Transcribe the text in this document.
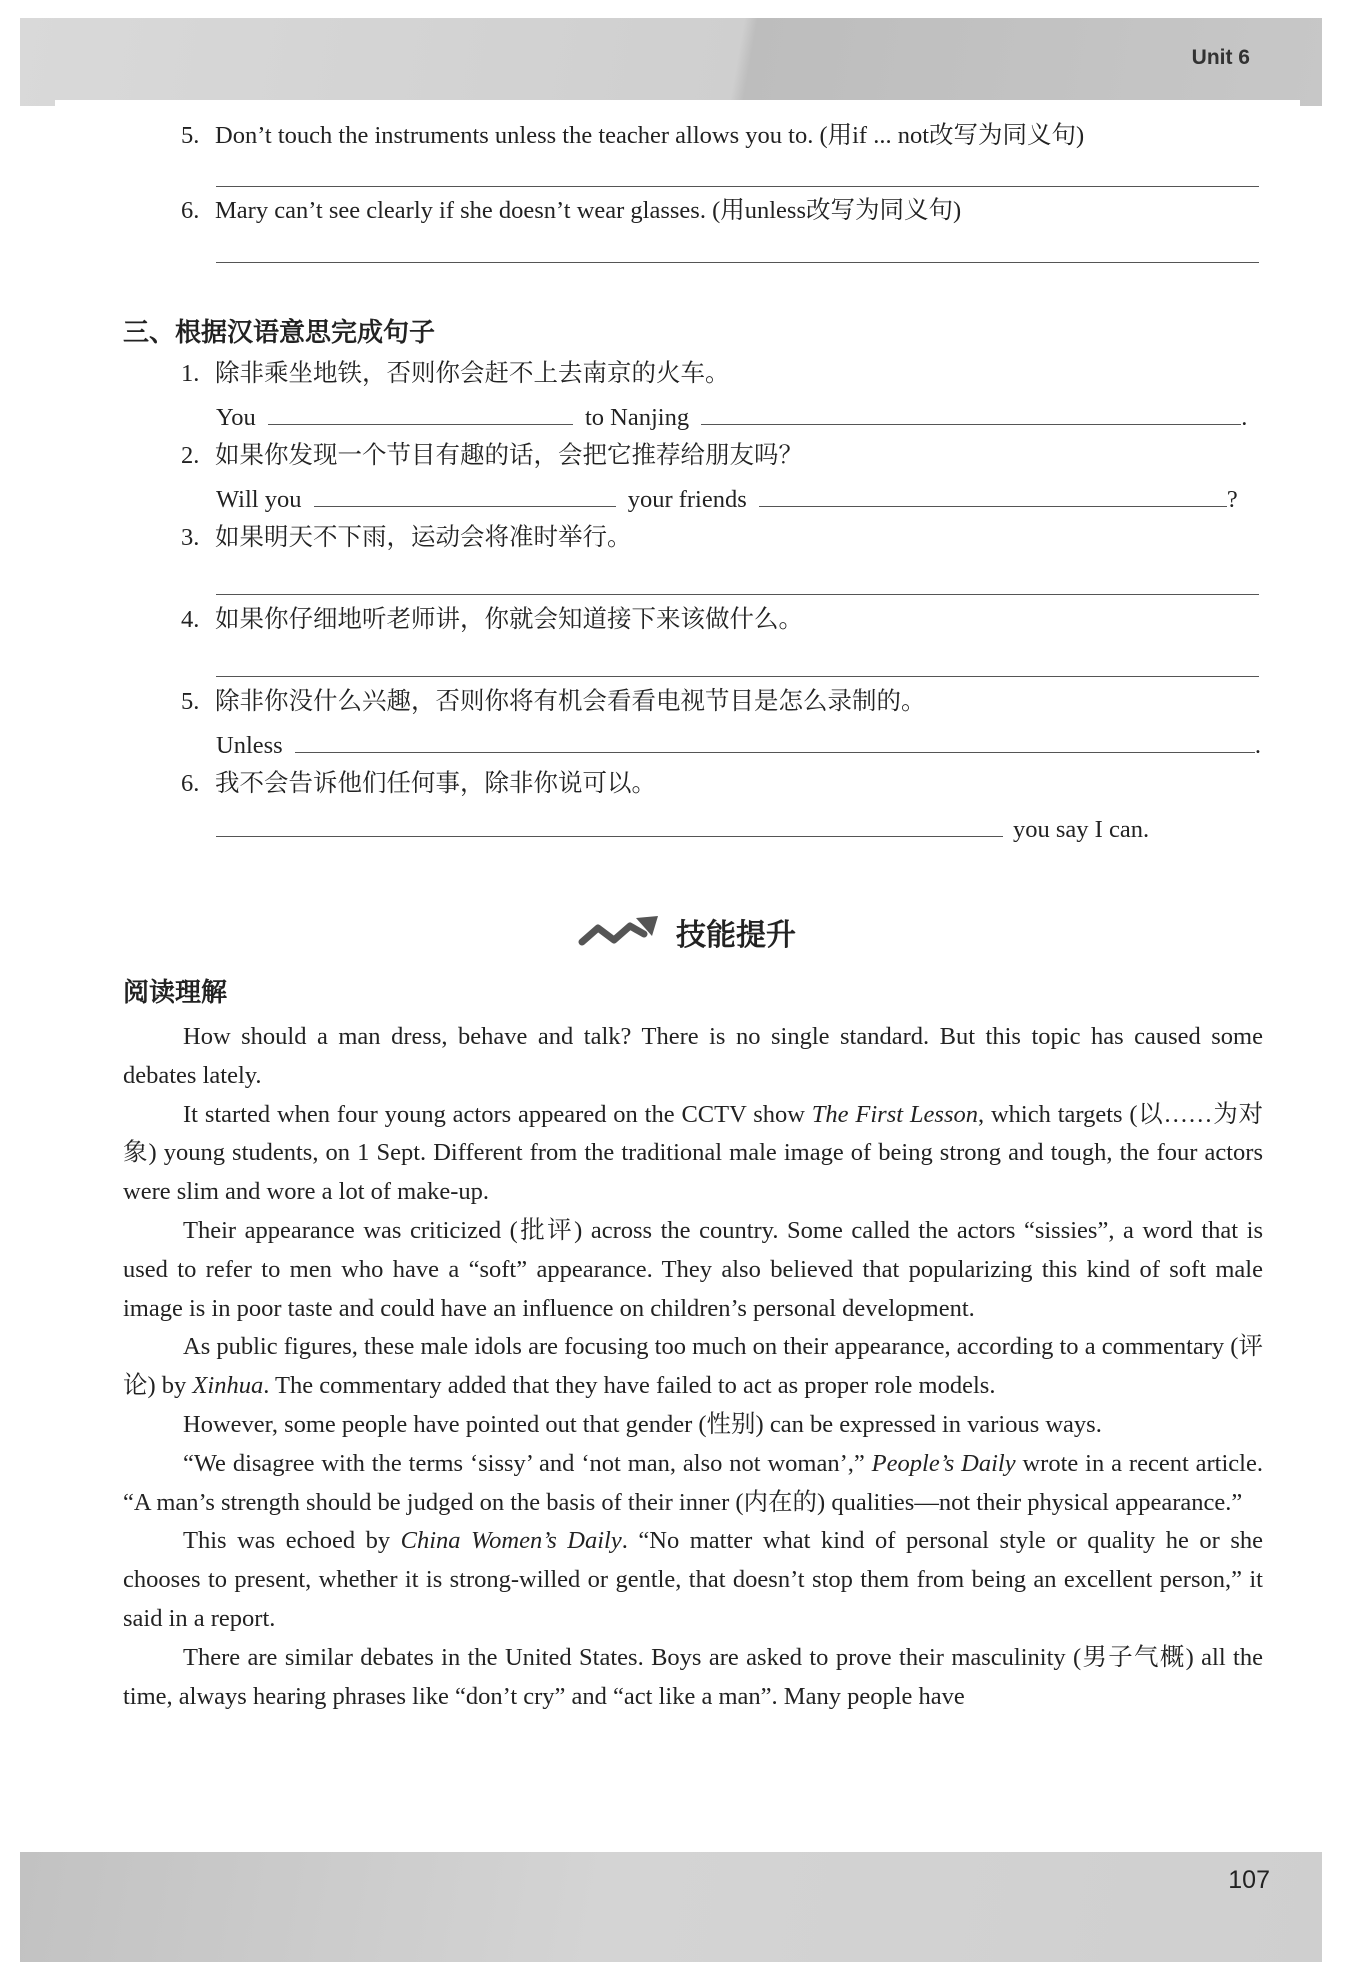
Unit 6
107
5. Don’t touch the instruments unless the teacher allows you to. (用if ... not改写为同义句)
6. Mary can’t see clearly if she doesn’t wear glasses. (用unless改写为同义句)
三、根据汉语意思完成句子
1. 除非乘坐地铁，否则你会赶不上去南京的火车。
You	to Nanjing	.
2. 如果你发现一个节目有趣的话，会把它推荐给朋友吗？
Will you	your friends	?
3. 如果明天不下雨，运动会将准时举行。
4. 如果你仔细地听老师讲，你就会知道接下来该做什么。
5. 除非你没什么兴趣，否则你将有机会看看电视节目是怎么录制的。
Unless	.
6. 我不会告诉他们任何事，除非你说可以。
you say I can.
技能提升
阅读理解

How should a man dress, behave and talk? There is no single standard. But this topic has caused some debates lately.

It started when four young actors appeared on the CCTV show The First Lesson, which targets (以……为对象) young students, on 1 Sept. Different from the traditional male image of being strong and tough, the four actors were slim and wore a lot of make-up.

Their appearance was criticized (批评) across the country. Some called the actors “sissies”, a word that is used to refer to men who have a “soft” appearance. They also believed that popularizing this kind of soft male image is in poor taste and could have an influence on children’s personal development.

As public figures, these male idols are focusing too much on their appearance, according to a commentary (评论) by Xinhua. The commentary added that they have failed to act as proper role models.

However, some people have pointed out that gender (性别) can be expressed in various ways.

“We disagree with the terms ‘sissy’ and ‘not man, also not woman’,” People’s Daily wrote in a recent article. “A man’s strength should be judged on the basis of their inner (内在的) qualities—not their physical appearance.”

This was echoed by China Women’s Daily. “No matter what kind of personal style or quality he or she chooses to present, whether it is strong-willed or gentle, that doesn’t stop them from being an excellent person,” it said in a report.

There are similar debates in the United States. Boys are asked to prove their masculinity (男子气概) all the time, always hearing phrases like “don’t cry” and “act like a man”. Many people have
